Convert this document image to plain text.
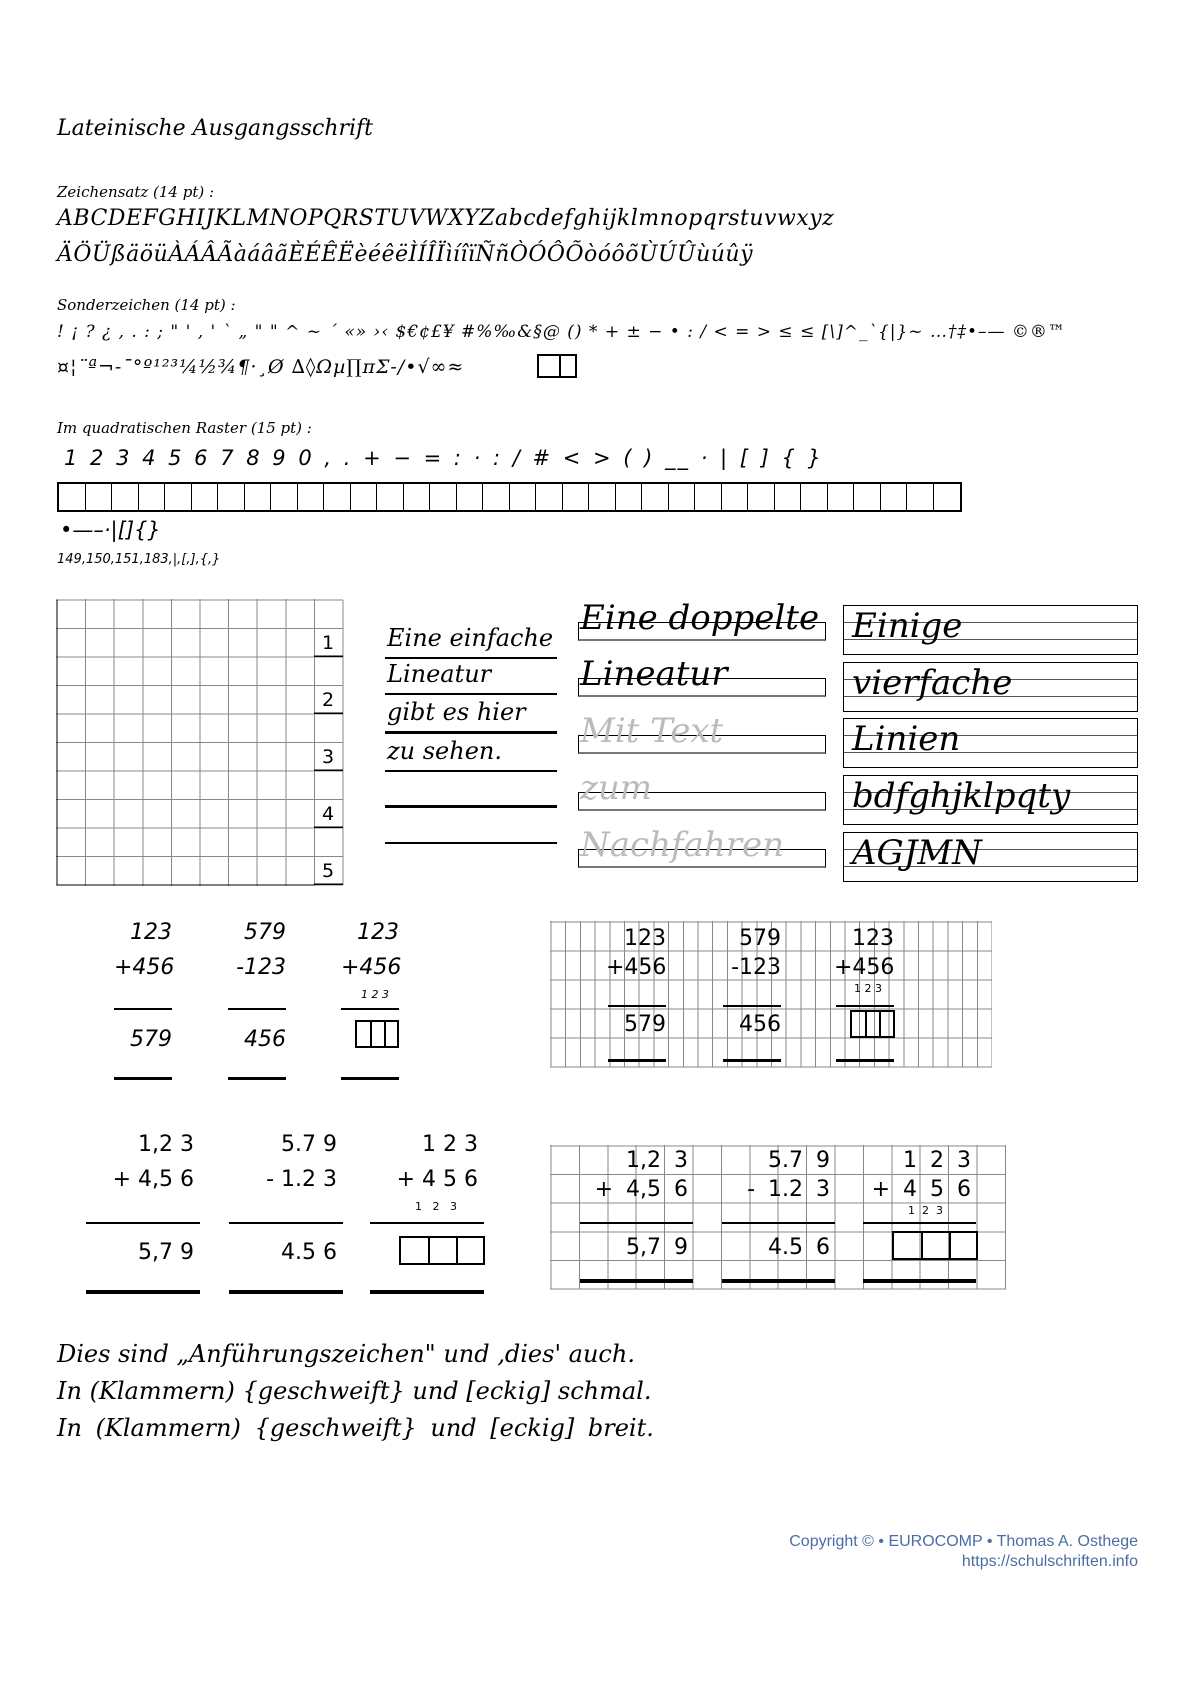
Lateinische Ausgangsschrift
Zeichensatz (14 pt) :
ABCDEFGHIJKLMNOPQRSTUVWXYZabcdefghijklmnopqrstuvwxyz
ÄÖÜßäöüÀÁÂÃàáâãÈÉÊËèéêëÌÍÎÏìíîïÑñÒÓÔÕòóôõÙÚÛùúûÿ
Sonderzeichen (14 pt) :
! ¡ ? ¿ , . : ; " ' ‚ ' ` „ " " ^ ~ ´ «» ›‹ $€¢£¥ #%‰&§@ () * + ± − • : / < = > ≤ ≤ [\]^_`{|}~ …†‡•–— ©®™
¤¦¨ª¬-¯°º¹²³¼½¾¶·¸Ø ∆◊Ωµ∏πΣ-/•√∞≈
Im quadratischen Raster (15 pt) :
1 2 3 4 5 6 7 8 9 0 , . + − = : · : / # < > ( ) __ · | [ ] { }
•—–·|[]{}
149,150,151,183,|,[,],{,}
Dies sind „Anführungszeichen" und ‚dies' auch.
In (Klammern) {geschweift} und [eckig] schmal.
In (Klammern) {geschweift} und [eckig] breit.
Copyright © • EUROCOMP • Thomas A. Osthege
https://schulschriften.info
1
2
3
4
5
Eine einfache
Lineatur
gibt es hier
zu sehen.
Eine doppelte
Lineatur
Mit Text
zum
Nachfahren
Einige
vierfache
Linien
bdfghjklpqty
AGJMN
123
+456
579
579
-123
456
123
+456
1 2 3
123
+456
579
579
-123
456
123
+456
1 2 3
1,2 3
+ 4,5 6
5,7 9
5.7 9
- 1.2 3
4.5 6
1 2 3
+ 4 5 6
1   2   3
1,2 3
+ 4,5 6
5,7 9
5.7 9
- 1.2 3
4.5 6
1 2 3
+ 4 5 6
1  2  3
